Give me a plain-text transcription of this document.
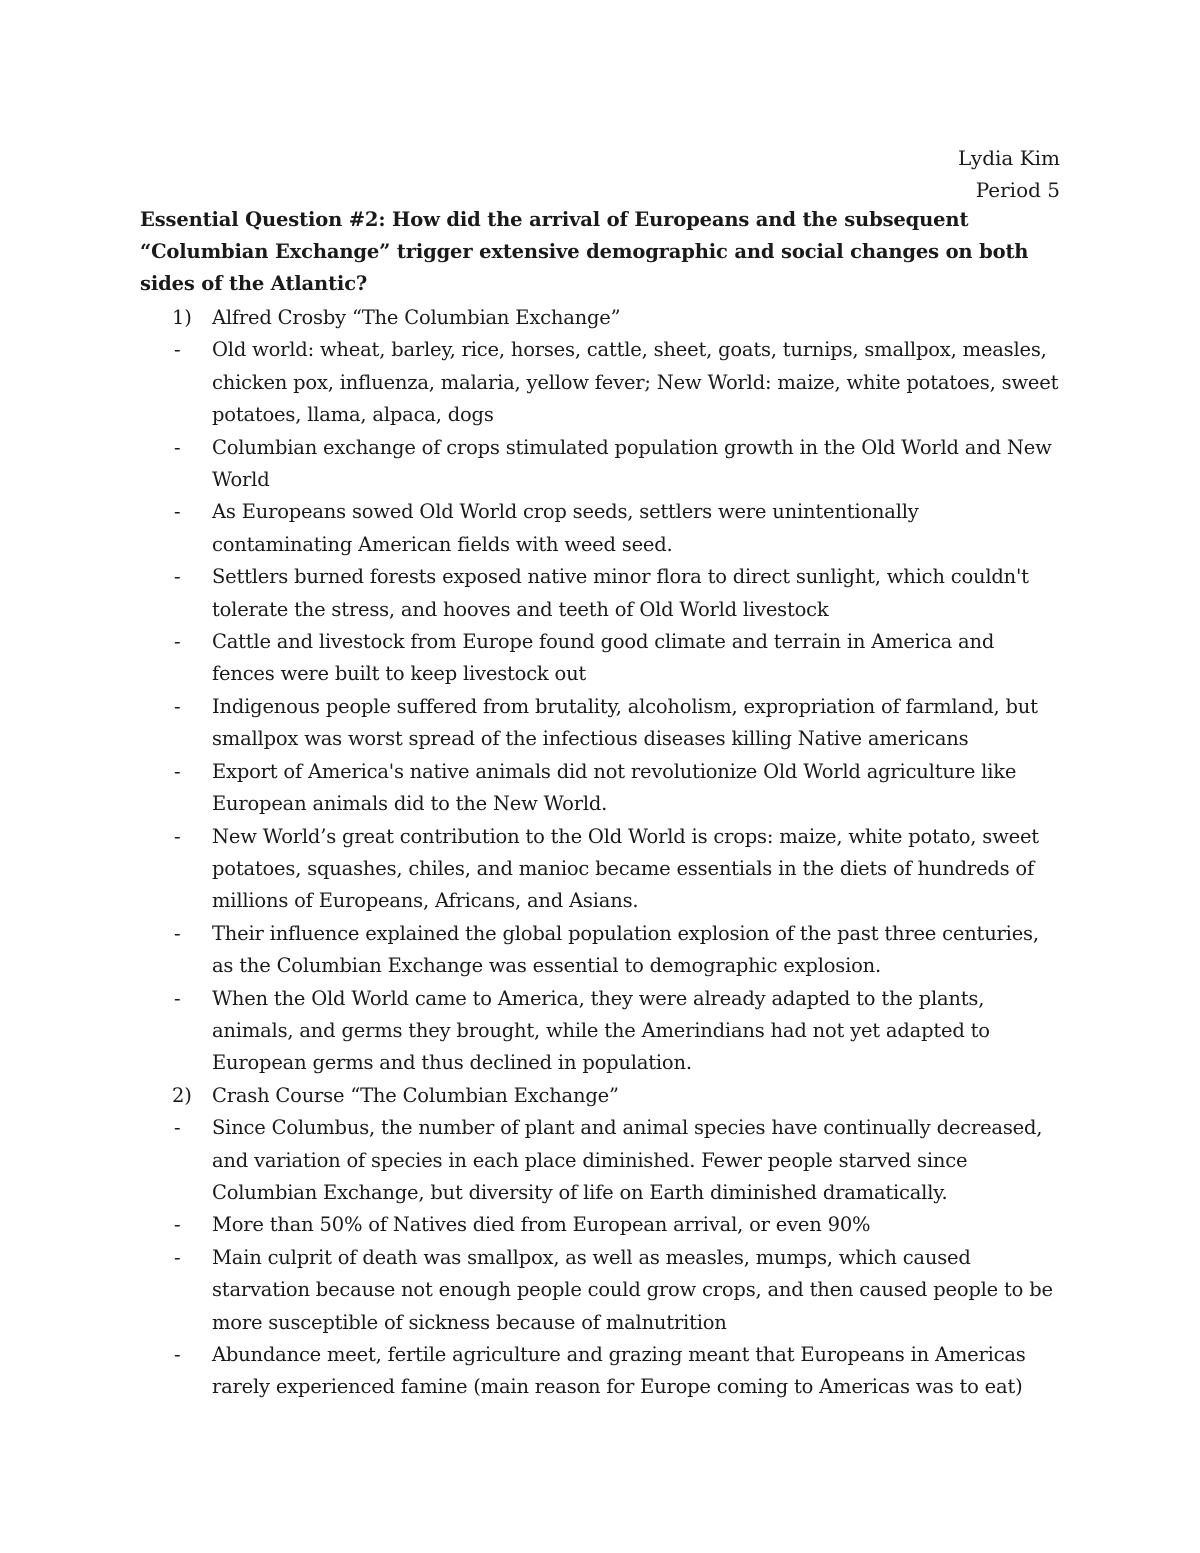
Lydia Kim
Period 5
Essential Question #2: How did the arrival of Europeans and the subsequent “Columbian Exchange” trigger extensive demographic and social changes on both sides of the Atlantic?
1)	Alfred Crosby “The Columbian Exchange”
-	Old world: wheat, barley, rice, horses, cattle, sheet, goats, turnips, smallpox, measles, chicken pox, influenza, malaria, yellow fever; New World: maize, white potatoes, sweet potatoes, llama, alpaca, dogs
-	Columbian exchange of crops stimulated population growth in the Old World and New World
-	As Europeans sowed Old World crop seeds, settlers were unintentionally contaminating American fields with weed seed.
-	Settlers burned forests exposed native minor flora to direct sunlight, which couldn't tolerate the stress, and hooves and teeth of Old World livestock
-	Cattle and livestock from Europe found good climate and terrain in America and fences were built to keep livestock out
-	Indigenous people suffered from brutality, alcoholism, expropriation of farmland, but smallpox was worst spread of the infectious diseases killing Native americans
-	Export of America's native animals did not revolutionize Old World agriculture like European animals did to the New World.
-	New World’s great contribution to the Old World is crops: maize, white potato, sweet potatoes, squashes, chiles, and manioc became essentials in the diets of hundreds of millions of Europeans, Africans, and Asians.
-	Their influence explained the global population explosion of the past three centuries, as the Columbian Exchange was essential to demographic explosion.
-	When the Old World came to America, they were already adapted to the plants, animals, and germs they brought, while the Amerindians had not yet adapted to European germs and thus declined in population.
2)	Crash Course “The Columbian Exchange”
-	Since Columbus, the number of plant and animal species have continually decreased, and variation of species in each place diminished. Fewer people starved since Columbian Exchange, but diversity of life on Earth diminished dramatically.
-	More than 50% of Natives died from European arrival, or even 90%
-	Main culprit of death was smallpox, as well as measles, mumps, which caused starvation because not enough people could grow crops, and then caused people to be more susceptible of sickness because of malnutrition
-	Abundance meet, fertile agriculture and grazing meant that Europeans in Americas rarely experienced famine (main reason for Europe coming to Americas was to eat)
